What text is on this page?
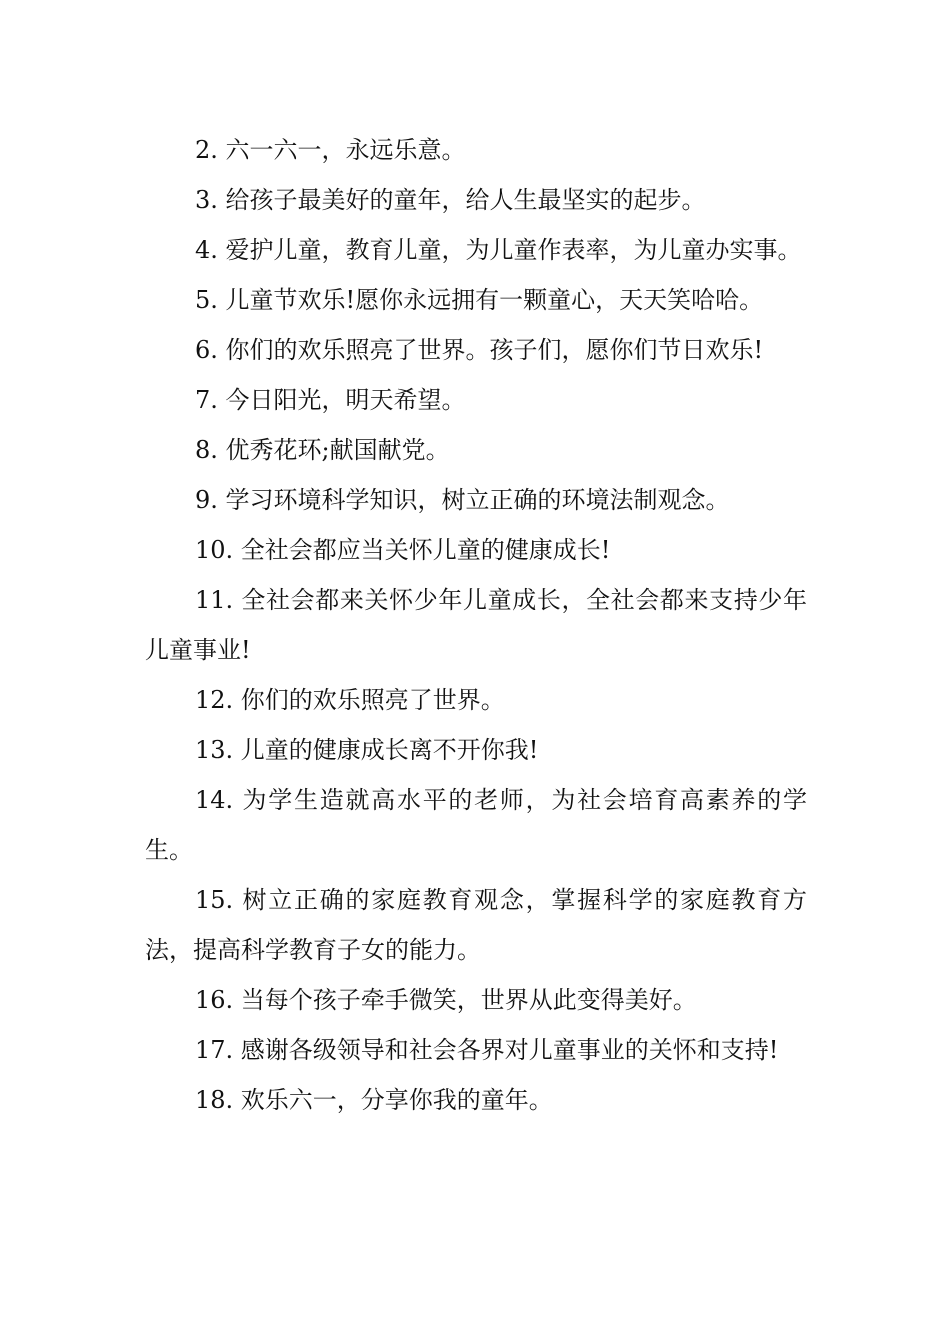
2. 六一六一，永远乐意。

3. 给孩子最美好的童年，给人生最坚实的起步。

4. 爱护儿童，教育儿童，为儿童作表率，为儿童办实事。

5. 儿童节欢乐!愿你永远拥有一颗童心，天天笑哈哈。

6. 你们的欢乐照亮了世界。孩子们，愿你们节日欢乐!

7. 今日阳光，明天希望。

8. 优秀花环;献国献党。

9. 学习环境科学知识，树立正确的环境法制观念。

10. 全社会都应当关怀儿童的健康成长!

11. 全社会都来关怀少年儿童成长，全社会都来支持少年儿童事业!

12. 你们的欢乐照亮了世界。

13. 儿童的健康成长离不开你我!

14. 为学生造就高水平的老师，为社会培育高素养的学生。

15. 树立正确的家庭教育观念，掌握科学的家庭教育方法，提高科学教育子女的能力。

16. 当每个孩子牵手微笑，世界从此变得美好。

17. 感谢各级领导和社会各界对儿童事业的关怀和支持!

18. 欢乐六一，分享你我的童年。
